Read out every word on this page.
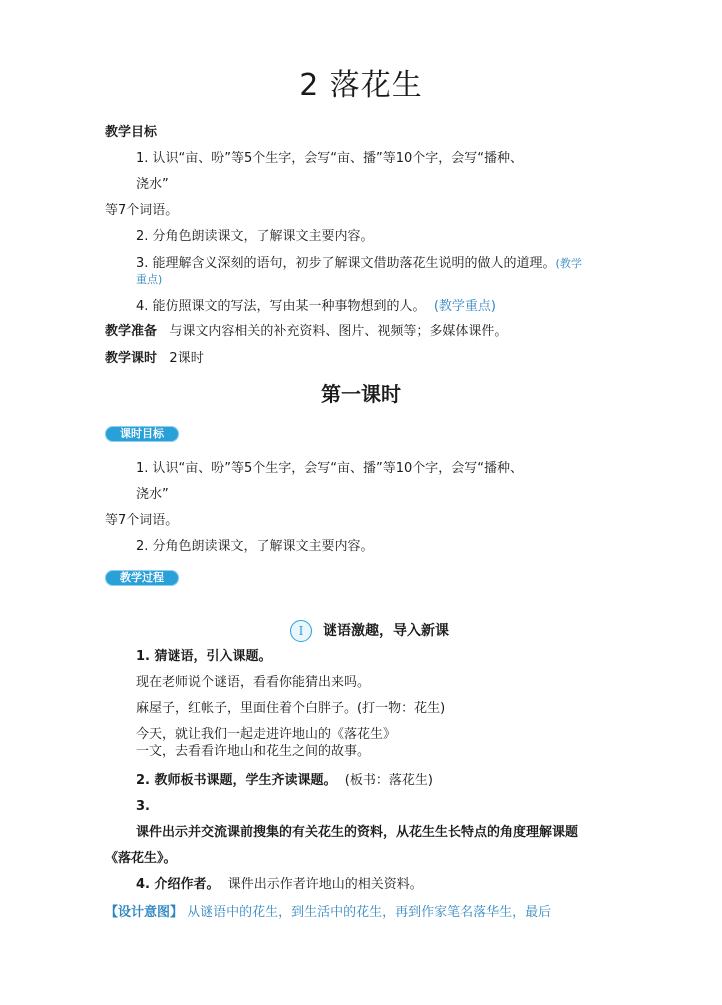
2 落花生
教学目标
1. 认识“亩、吩”等5个生字，会写“亩、播”等10个字，会写“播种、
浇水”
等7个词语。
2. 分角色朗读课文，了解课文主要内容。
3. 能理解含义深刻的语句，初步了解课文借助落花生说明的做人的道理。(教学
重点)
4. 能仿照课文的写法，写由某一种事物想到的人。 (教学重点)
教学准备 与课文内容相关的补充资料、图片、视频等；多媒体课件。
教学课时 2课时
第一课时
课时目标
1. 认识“亩、吩”等5个生字，会写“亩、播”等10个字，会写“播种、
浇水”
等7个词语。
2. 分角色朗读课文，了解课文主要内容。
教学过程
I	谜语激趣，导入新课
1. 猜谜语，引入课题。
现在老师说个谜语，看看你能猜出来吗。
麻屋子，红帐子，里面住着个白胖子。(打一物：花生)
今天，就让我们一起走进许地山的《落花生》
一文，去看看许地山和花生之间的故事。
2. 教师板书课题，学生齐读课题。 (板书：落花生)
3.
课件出示并交流课前搜集的有关花生的资料，从花生生长特点的角度理解课题
《落花生》。
4. 介绍作者。 课件出示作者许地山的相关资料。
【设计意图】 从谜语中的花生，到生活中的花生，再到作家笔名落华生，最后
